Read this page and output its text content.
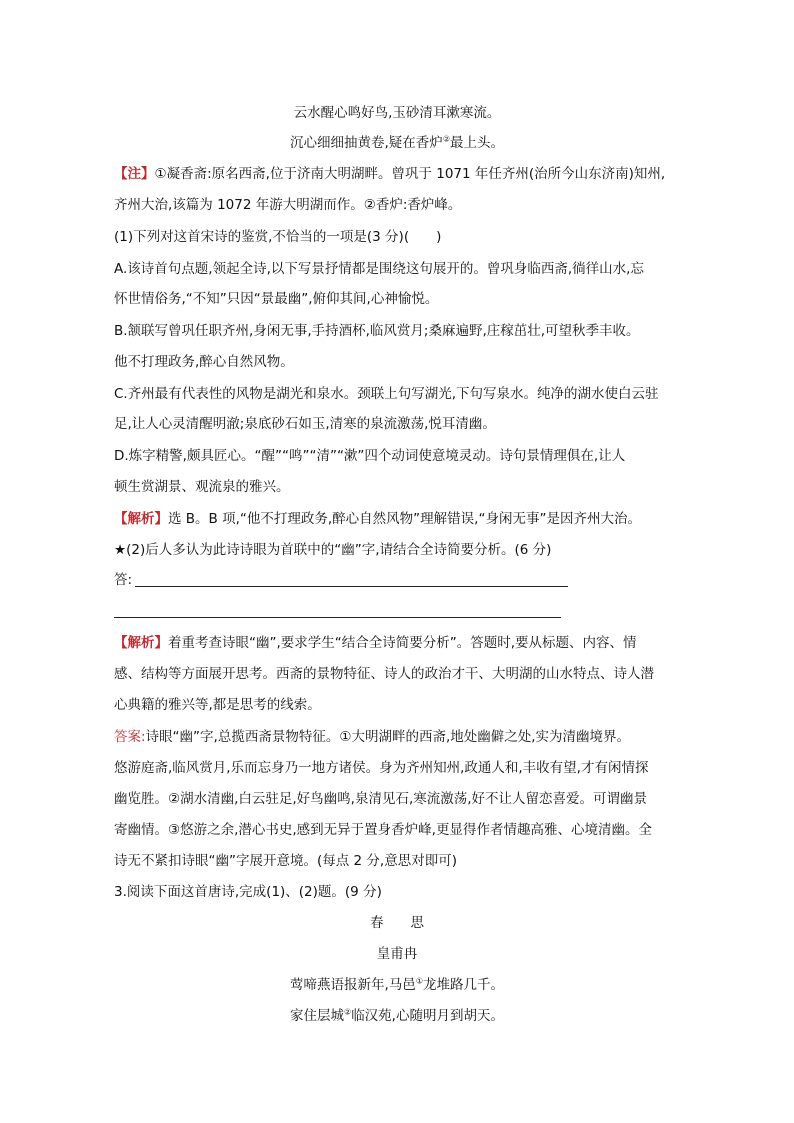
云水醒心鸣好鸟,玉砂清耳漱寒流。
沉心细细抽黄卷,疑在香炉②最上头。
【注】①凝香斋:原名西斋,位于济南大明湖畔。曾巩于 1071 年任齐州(治所今山东济南)知州,
齐州大治,该篇为 1072 年游大明湖而作。②香炉:香炉峰。
(1)下列对这首宋诗的鉴赏,不恰当的一项是(3 分)(　　)
A.该诗首句点题,领起全诗,以下写景抒情都是围绕这句展开的。曾巩身临西斋,徜徉山水,忘
怀世情俗务,“不知”只因“景最幽”,俯仰其间,心神愉悦。
B.颔联写曾巩任职齐州,身闲无事,手持酒杯,临风赏月;桑麻遍野,庄稼茁壮,可望秋季丰收。
他不打理政务,醉心自然风物。
C.齐州最有代表性的风物是湖光和泉水。颈联上句写湖光,下句写泉水。纯净的湖水使白云驻
足,让人心灵清醒明澈;泉底砂石如玉,清寒的泉流激荡,悦耳清幽。
D.炼字精警,颇具匠心。“醒”“鸣”“清”“漱”四个动词使意境灵动。诗句景情理俱在,让人
顿生赏湖景、观流泉的雅兴。
【解析】选 B。B 项,“他不打理政务,醉心自然风物”理解错误,“身闲无事”是因齐州大治。
★(2)后人多认为此诗诗眼为首联中的“幽”字,请结合全诗简要分析。(6 分)
答:
【解析】着重考查诗眼“幽”,要求学生“结合全诗简要分析”。答题时,要从标题、内容、情
感、结构等方面展开思考。西斋的景物特征、诗人的政治才干、大明湖的山水特点、诗人潜
心典籍的雅兴等,都是思考的线索。
答案:诗眼“幽”字,总揽西斋景物特征。①大明湖畔的西斋,地处幽僻之处,实为清幽境界。
悠游庭斋,临风赏月,乐而忘身乃一地方诸侯。身为齐州知州,政通人和,丰收有望,才有闲情探
幽览胜。②湖水清幽,白云驻足,好鸟幽鸣,泉清见石,寒流激荡,好不让人留恋喜爱。可谓幽景
寄幽情。③悠游之余,潜心书史,感到无异于置身香炉峰,更显得作者情趣高雅、心境清幽。全
诗无不紧扣诗眼“幽”字展开意境。(每点 2 分,意思对即可)
3.阅读下面这首唐诗,完成(1)、(2)题。(9 分)
春　　思
皇甫冉
莺啼燕语报新年,马邑①龙堆路几千。
家住层城②临汉苑,心随明月到胡天。
